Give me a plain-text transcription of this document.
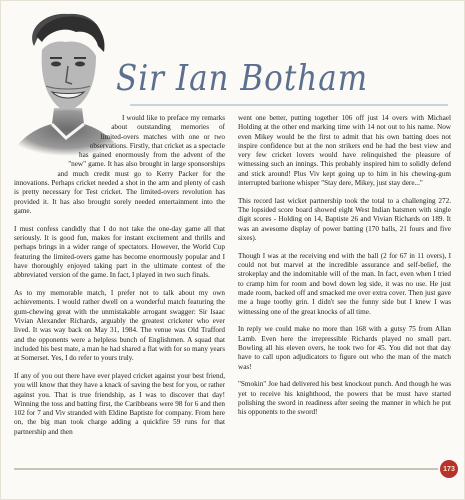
Sir Ian Botham

I would like to preface my remarks about outstanding memories of limited-overs matches with one or two observations. Firstly, that cricket as a spectacle has gained enormously from the advent of the "new" game. It has also brought in large sponsorships and much credit must go to Kerry Packer for the innovations. Perhaps cricket needed a shot in the arm and plenty of cash is pretty necessary for Test cricket. The limited-overs revolution has provided it. It has also brought sorely needed entertainment into the game.

I must confess candidly that I do not take the one-day game all that seriously. It is good fun, makes for instant excitement and thrills and perhaps brings in a wider range of spectators. However, the World Cup featuring the limited-overs game has become enormously popular and I have thoroughly enjoyed taking part in the ultimate contest of the abbreviated version of the game. In fact, I played in two such finals.

As to my memorable match, I prefer not to talk about my own achievements. I would rather dwell on a wonderful match featuring the gum-chewing great with the unmistakable arrogant swagger: Sir Isaac Vivian Alexander Richards, arguably the greatest cricketer who ever lived. It was way back on May 31, 1984. The venue was Old Trafford and the opponents were a helpless bunch of Englishmen. A squad that included his best mate, a man he had shared a flat with for so many years at Somerset. Yes, I do refer to yours truly.

If any of you out there have ever played cricket against your best friend, you will know that they have a knack of saving the best for you, or rather against you. That is true friendship, as I was to discover that day! Winning the toss and batting first, the Caribbeans were 98 for 6 and then 102 for 7 and Viv stranded with Eldine Baptiste for company. From here on, the big man took charge adding a quickfire 59 runs for that partnership and then

went one better, putting together 106 off just 14 overs with Michael Holding at the other end marking time with 14 not out to his name. Now even Mikey would be the first to admit that his own batting does not inspire confidence but at the non strikers end he had the best view and very few cricket lovers would have relinquished the pleasure of witnessing such an innings. This probably inspired him to solidly defend and stick around! Plus Viv kept going up to him in his chewing-gum interrupted baritone whisper "Stay dere, Mikey, just stay dere..."

This record last wicket partnership took the total to a challenging 272. The lopsided score board showed eight West Indian batsmen with single digit scores - Holding on 14, Baptiste 26 and Vivian Richards on 189. It was an awesome display of power batting (170 balls, 21 fours and five sixes).

Though I was at the receiving end with the ball (2 for 67 in 11 overs), I could not but marvel at the incredible assurance and self-belief, the strokeplay and the indomitable will of the man. In fact, even when I tried to cramp him for room and bowl down leg side, it was no use. He just made room, backed off and smacked me over extra cover. Then just gave me a huge toothy grin. I didn't see the funny side but I knew I was witnessing one of the great knocks of all time.

In reply we could make no more than 168 with a gutsy 75 from Allan Lamb. Even here the irrepressible Richards played no small part. Bowling all his eleven overs, he took two for 45. You did not that day have to call upon adjudicators to figure out who the man of the match was!

"Smokin" Joe had delivered his best knockout punch. And though he was yet to receive his knighthood, the powers that be must have started polishing the sword in readiness after seeing the manner in which he put his opponents to the sword!

173
